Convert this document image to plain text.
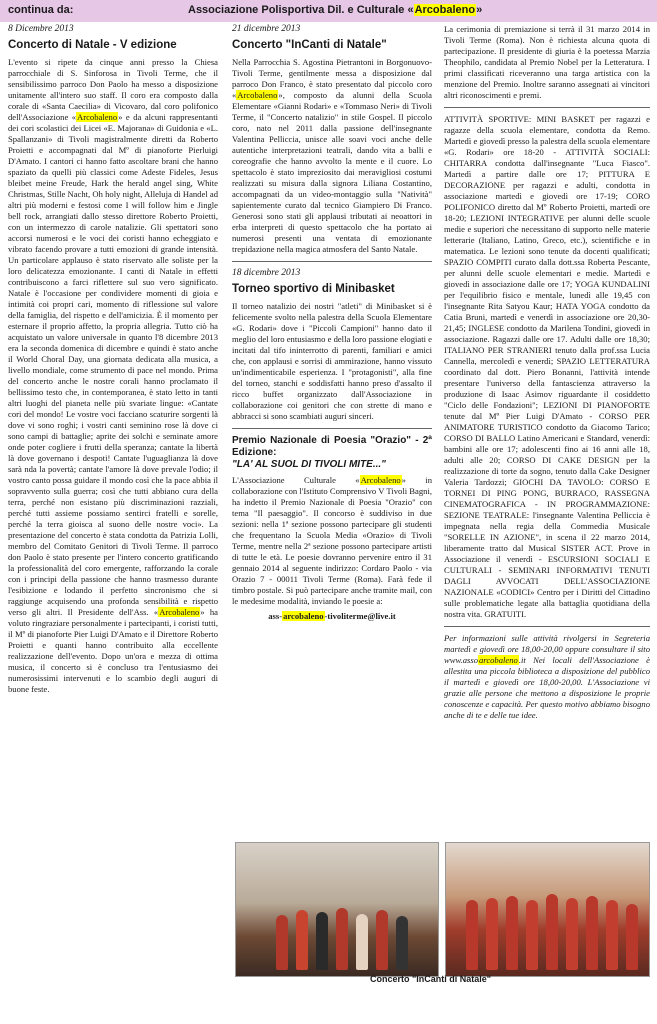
continua da:	Associazione Polisportiva Dil. e Culturale «Arcobaleno»
8 Dicembre 2013
Concerto di Natale - V edizione
L'evento si ripete da cinque anni presso la Chiesa parrocchiale di S. Sinforosa in Tivoli Terme, che il sensibilissimo parroco Don Paolo ha messo a disposizione unitamente all'intero suo staff. Il coro era composto dalla corale di «Santa Caecilia» di Vicovaro, dal coro polifonico dell'Associazione «Arcobaleno» e da alcuni rappresentanti dei cori scolastici dei Licei «E. Majorana» di Guidonia e «L. Spallanzani» di Tivoli magistralmente diretti da Roberto Proietti e accompagnati dal Mº di pianoforte Pierluigi D'Amato. I cantori ci hanno fatto ascoltare brani che hanno spaziato da quelli più classici come Adeste Fideles, Jesus bleibet meine Freude, Hark the herald angel sing, White Christmas, Stille Nacht, Oh holy night, Alleluja di Handel ad altri più moderni e festosi come I will follow him e Jingle bell rock, arrangiati dallo stesso direttore Roberto Proietti, con un intermezzo di carole natalizie. Gli spettatori sono accorsi numerosi e le voci dei coristi hanno echeggiato e vibrato facendo provare a tutti emozioni di grande intensità. Un particolare applauso è stato riservato alle soliste per la loro delicatezza emozionante. I canti di Natale in effetti contribuiscono a farci riflettere sul suo vero significato. Natale è l'occasione per condividere momenti di gioia e intimità coi propri cari, momento di riflessione sul valore della famiglia, del rispetto e dell'amicizia. È il momento per esternare il proprio affetto, la propria allegria. Tutto ciò ha acquistato un valore universale in quanto l'8 dicembre 2013 era la seconda domenica di dicembre e quindi è stato anche il World Choral Day, una giornata dedicata alla musica, a livello mondiale, come strumento di pace nel mondo. Prima del concerto anche le nostre corali hanno proclamato il bellissimo testo che, in contemporanea, è stato letto in tanti altri luoghi del pianeta nelle più svariate lingue: «Cantate cori del mondo! Le vostre voci facciano scaturire sorgenti là dove vi sono roghi; i vostri canti seminino rose là dove ci sono campi di battaglie; aprite dei solchi e seminate amore onde poter cogliere i frutti della speranza; cantate la libertà là dove governano i despoti! Cantate l'uguaglianza là dove sarà nda la povertà; cantate l'amore là dove prevale l'odio; il vostro canto possa guidare il mondo così che la pace abbia il sopravvento sulla guerra; così che tutti abbiano cura della terra, perché non esistano più discriminazioni razziali, perché tutti assieme possiamo sentirci fratelli e sorelle, perché la terra gioisca al suono delle nostre voci». La presentazione del concerto è stata condotta da Patrizia Lolli, membro del Comitato Genitori di Tivoli Terme. Il parroco don Paolo è stato presente per l'intero concerto gratificando la professionalità del coro emergente, rafforzando la corale con i principi della passione che hanno trasmesso durante l'esibizione e lodando il perfetto sincronismo che si raggiunge acquisendo una profonda sensibilità e rispetto verso gli altri. Il Presidente dell'Ass. «Arcobaleno» ha voluto ringraziare personalmente i partecipanti, i coristi tutti, il Mº di pianoforte Pier Luigi D'Amato e il Direttore Roberto Proietti e quanti hanno contribuito alla eccellente realizzazione dell'evento. Dopo un'ora e mezza di ottima musica, il concerto si è concluso tra l'entusiasmo dei numerosissimi intervenuti e lo scambio degli auguri di buone feste.
21 dicembre 2013
Concerto "InCanti di Natale"
Nella Parrocchia S. Agostina Pietrantoni in Borgonuovo-Tivoli Terme, gentilmente messa a disposizione dal parroco Don Franco, è stato presentato dal piccolo coro «Arcobaleno», composto da alunni della Scuola Elementare «Gianni Rodari» e «Tommaso Neri» di Tivoli Terme, il "Concerto natalizio" in stile Gospel. Il piccolo coro, nato nel 2011 dalla passione dell'insegnante Valentina Pelliccia, unisce alle soavi voci anche delle autentiche interpretazioni teatrali, dando vita a balli e coreografie che hanno avvolto la mente e il cuore. Lo spettacolo è stato impreziosito dai meravigliosi costumi realizzati su misura dalla signora Liliana Costantino, accompagnati da un video-montaggio sulla "Natività" sapientemente curato dal tecnico Giampiero Di Franco. Generosi sono stati gli applausi tributati ai neoattori in erba interpreti di questo spettacolo che ha portato ai numerosi presenti una ventata di emozionante trepidazione nella magica atmosfera del Santo Natale.
18 dicembre 2013
Torneo sportivo di Minibasket
Il torneo natalizio dei nostri "atleti" di Minibasket si è felicemente svolto nella palestra della Scuola Elementare «G. Rodari» dove i "Piccoli Campioni" hanno dato il meglio del loro entusiasmo e della loro passione elogiati e incitati dal tifo ininterrotto di parenti, familiari e amici che, con applausi e sorrisi di ammirazione, hanno vissuto un'indimenticabile esperienza. I "protagonisti", alla fine del torneo, stanchi e soddisfatti hanno preso d'assalto il ricco buffet organizzato dall'Associazione in collaborazione coi genitori che con strette di mano e abbracci si sono scambiati auguri sinceri.
Premio Nazionale di Poesia "Orazio" - 2ª Edizione:
"LA' AL SUOL DI TIVOLI MITE..."
L'Associazione Culturale «Arcobaleno» in collaborazione con l'Istituto Comprensivo V Tivoli Bagni, ha indetto il Premio Nazionale di Poesia "Orazio" con tema "Il paesaggio". Il concorso è suddiviso in due sezioni: nella 1ª sezione possono partecipare gli studenti che frequentano la Scuola Media «Orazio» di Tivoli Terme, mentre nella 2ª sezione possono partecipare artisti di tutte le età. Le poesie dovranno pervenire entro il 31 gennaio 2014 al seguente indirizzo: Cordaro Paolo - via Orazio 7 - 00011 Tivoli Terme (Roma). Farà fede il timbro postale. Si può partecipare anche tramite mail, con le medesime modalità, inviando le poesie a:
ass-arcobaleno-tivoliterme@live.it
La cerimonia di premiazione si terrà il 31 marzo 2014 in Tivoli Terme (Roma). Non è richiesta alcuna quota di partecipazione. Il presidente di giuria è la poetessa Marzia Theophilo, candidata al Premio Nobel per la Letteratura. I primi classificati riceveranno una targa artistica con la menzione del Premio. Inoltre saranno assegnati ai vincitori altri riconoscimenti e premi.
ATTIVITÀ SPORTIVE: MINI BASKET per ragazzi e ragazze della scuola elementare, condotta da Remo. Martedì e giovedì presso la palestra della scuola elementare «G. Rodari» ore 18-20 - ATTIVITÀ SOCIALI: CHITARRA condotta dall'insegnante "Luca Fiasco". Martedì a partire dalle ore 17; PITTURA E DECORAZIONE per ragazzi e adulti, condotta in associazione martedì e giovedì ore 17-19; CORO POLIFONICO diretto dal Mº Roberto Proietti, martedì ore 18-20; LEZIONI INTEGRATIVE per alunni delle scuole medie e superiori che necessitano di supporto nelle materie letterarie (Italiano, Latino, Greco, etc.), scientifiche e in matematica. Le lezioni sono tenute da docenti qualificati; SPAZIO COMPITI curato dalla dott.ssa Roberta Pescante, per alunni delle scuole elementari e medie. Martedì e giovedì in associazione dalle ore 17; YOGA KUNDALINI per l'equilibrio fisico e mentale, lunedì alle 19,45 con l'insegnante Rita Satyou Kaur; HATA YOGA condotto da Catia Bruni, martedì e venerdì in associazione ore 20,30-21,45; INGLESE condotto da Marilena Tondini, giovedì in associazione. Ragazzi dalle ore 17. Adulti dalle ore 18,30; ITALIANO PER STRANIERI tenuto dalla prof.ssa Lucia Cannella, mercoledì e venerdì; SPAZIO LETTERATURA coordinato dal dott. Piero Bonanni, l'attività intende presentare l'universo della fantascienza attraverso la produzione di Isaac Asimov riguardante il cosiddetto "Ciclo delle Fondazioni"; LEZIONI DI PIANOFORTE tenute dal Mº Pier Luigi D'Amato - CORSO PER ANIMATORE TURISTICO condotto da Giacomo Tarico; CORSO DI BALLO Latino Americani e Standard, venerdì: bambini alle ore 17; adolescenti fino ai 16 anni alle 18, adulti alle 20; CORSO DI CAKE DESIGN per la realizzazione di torte da sogno, tenuto dalla Cake Designer Valeria Tardozzi; GIOCHI DA TAVOLO: CORSO E TORNEI DI PING PONG, BURRACO, RASSEGNA CINEMATOGRAFICA - IN PROGRAMMAZIONE: SEZIONE TEATRALE: l'insegnante Valentina Pelliccia è impegnata nella regia della Commedia Musicale "SORELLE IN AZIONE", in scena il 22 marzo 2014, liberamente tratto dal Musical SISTER ACT. Prove in Associazione il venerdì - ESCURSIONI SOCIALI E CULTURALI - SEMINARI INFORMATIVI TENUTI DAGLI AVVOCATI DELL'ASSOCIAZIONE NAZIONALE «CODICI» Centro per i Diritti del Cittadino sulle problematiche legate alla battaglia quotidiana della nostra vita. GRATUITI.
Per informazioni sulle attività rivolgersi in Segreteria martedì e giovedì ore 18,00-20,00 oppure consultare il sito www.assoarcobaleno.it Nei locali dell'Associazione è allestita una piccola biblioteca a disposizione del pubblico il martedì e giovedì ore 18,00-20,00. L'Associazione vi grazie alle persone che mettono a disposizione le proprie conoscenze e capacità. Per questo motivo abbiamo bisogno anche di te e delle tue idee.
Concerto "InCanti di Natale"
